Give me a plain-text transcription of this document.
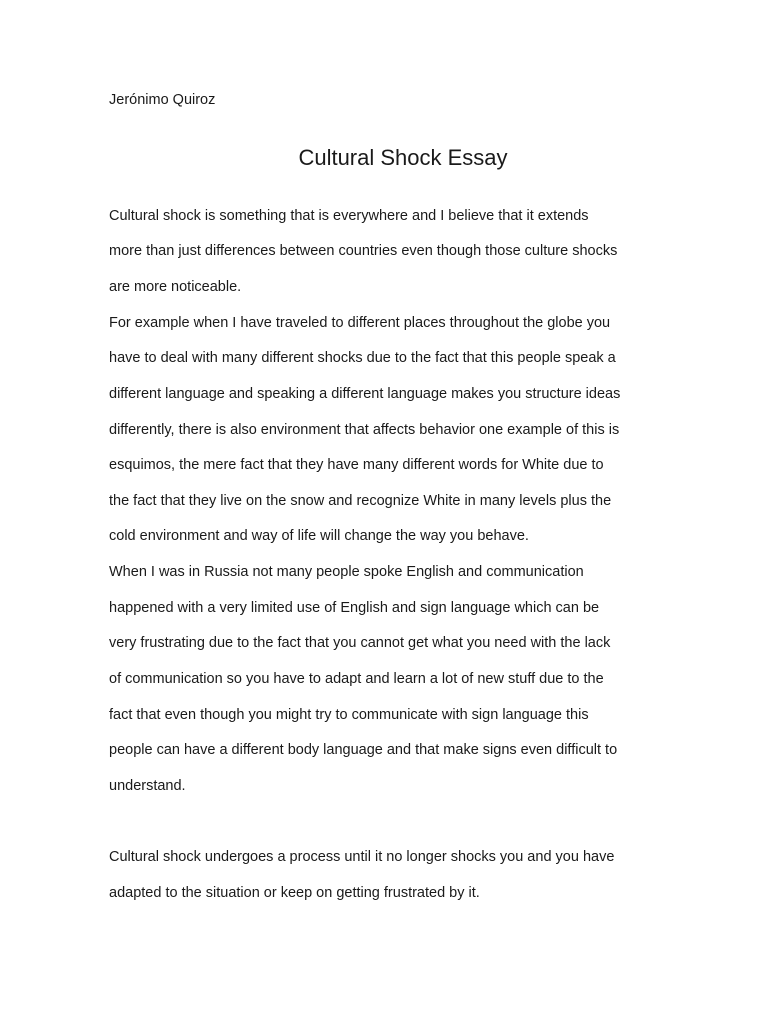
Jerónimo Quiroz
Cultural Shock Essay
Cultural shock is something that is everywhere and I believe that it extends
more than just differences between countries even though those culture shocks
are more noticeable.
For example when I have traveled to different places throughout the globe you
have to deal with many different shocks due to the fact that this people speak a
different language and speaking a different language makes you structure ideas
differently, there is also environment that affects behavior one example of this is
esquimos, the mere fact that they have many different words for White due to
the fact that they live on the snow and recognize White in many levels plus the
cold environment and way of life will change the way you behave.
When I was in Russia not many people spoke English and communication
happened with a very limited use of English and sign language which can be
very frustrating due to the fact that you cannot get what you need with the lack
of communication so you have to adapt and learn a lot of new stuff due to the
fact that even though you might try to communicate with sign language this
people can have a different body language and that make signs even difficult to
understand.
Cultural shock undergoes a process until it no longer shocks you and you have
adapted to the situation or keep on getting frustrated by it.
